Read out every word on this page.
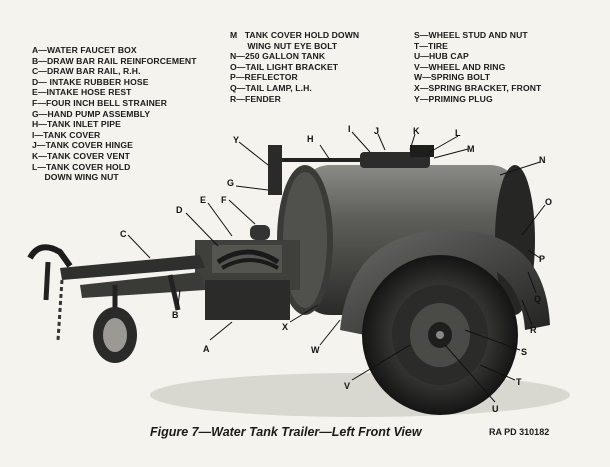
A
B
C
D
E F
G
H
I	J	K	L
M
N
O
P
Q
R
S
T
U
V
W
X
Y
A—WATER FAUCET BOX
B—DRAW BAR RAIL REINFORCEMENT
C—DRAW BAR RAIL, R.H.
D— INTAKE RUBBER HOSE
E—INTAKE HOSE REST
F—FOUR INCH BELL STRAINER
G—HAND PUMP ASSEMBLY
H—TANK INLET PIPE
I—TANK COVER
J—TANK COVER HINGE
K—TANK COVER VENT
L—TANK COVER HOLD
DOWN WING NUT
M   TANK COVER HOLD DOWN
WING NUT EYE BOLT
N—250 GALLON TANK
O—TAIL LIGHT BRACKET
P—REFLECTOR
Q—TAIL LAMP, L.H.
R—FENDER
S—WHEEL STUD AND NUT
T—TIRE
U—HUB CAP
V—WHEEL AND RING
W—SPRING BOLT
X—SPRING BRACKET, FRONT
Y—PRIMING PLUG
Figure 7—Water Tank Trailer—Left Front View	RA PD 310182
